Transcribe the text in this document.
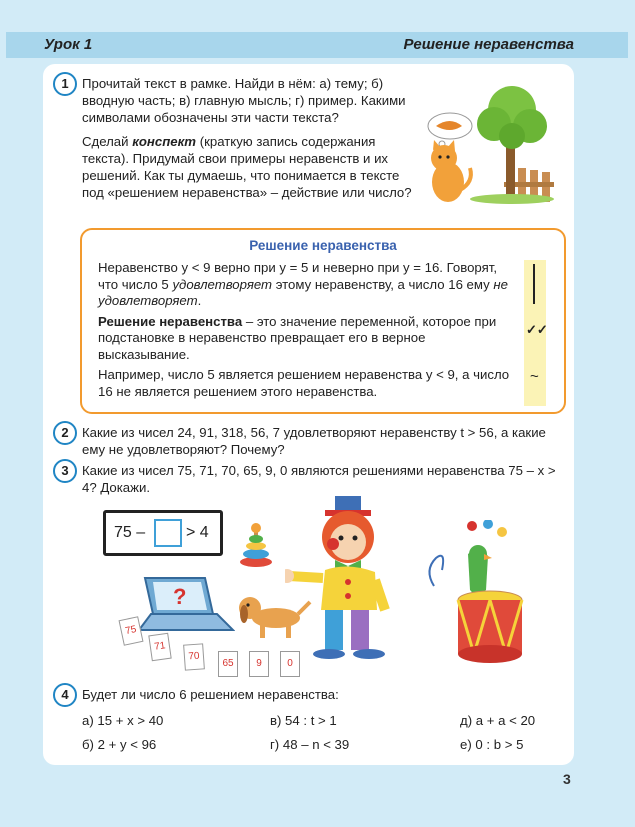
Урок 1	Решение неравенства
1	Прочитай текст в рамке. Найди в нём: а) тему; б) вводную часть; в) главную мысль; г) пример. Какими символами обозначены эти части текста?

Сделай конспект (краткую запись содержания текста). Придумай свои примеры неравенств и их решений. Как ты думаешь, что понимается в тексте под «решением неравенства» – действие или число?

Решение неравенства

Неравенство y < 9 верно при y = 5 и неверно при y = 16. Говорят, что число 5 удовлетворяет этому неравенству, а число 16 ему не удовлетворяет.

Решение неравенства – это значение переменной, которое при подстановке в неравенство превращает его в верное высказывание.

Например, число 5 является решением неравенства y < 9, а число 16 не является решением этого неравенства.

✓✓
~
2	Какие из чисел 24, 91, 318, 56, 7 удовлетворяют неравенству t > 56, а какие ему не удовлетворяют? Почему?
3	Какие из чисел 75, 71, 70, 65, 9, 0 являются решениями неравенства 75 – x > 4? Докажи.
75 –	> 4
?
75
71
70
65	9	0
4	Будет ли число 6 решением неравенства:
а) 15 + x > 40
б) 2 + y < 96
в) 54 : t > 1
г) 48 – n < 39
д) a + a < 20
е) 0 : b > 5
3
